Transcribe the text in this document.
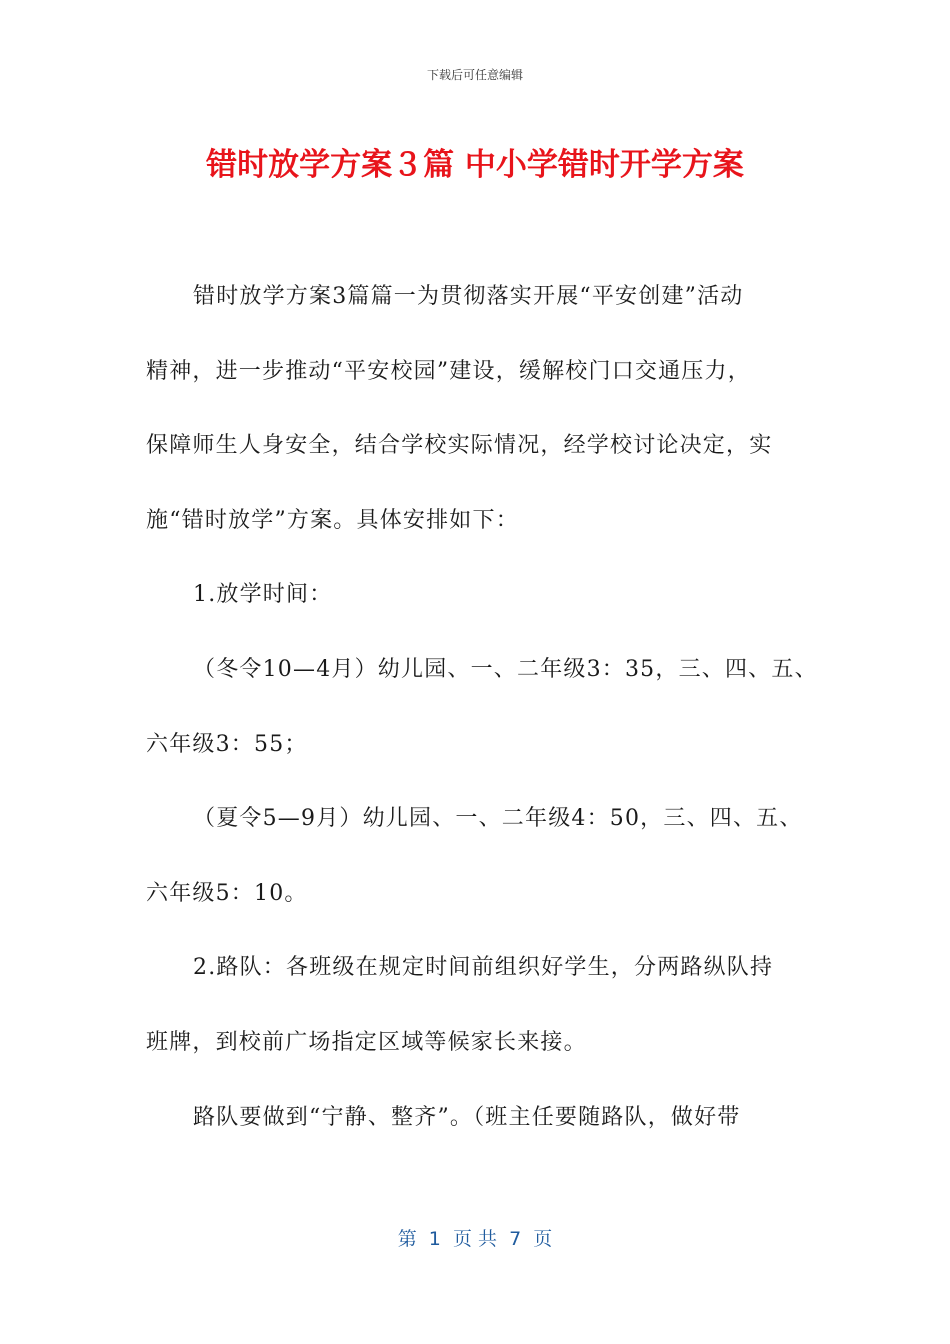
下载后可任意编辑
错时放学方案３篇 中小学错时开学方案
错时放学方案3篇篇一为贯彻落实开展“平安创建”活动
精神，进一步推动“平安校园”建设，缓解校门口交通压力，
保障师生人身安全，结合学校实际情况，经学校讨论决定，实
施“错时放学”方案。具体安排如下：
1.放学时间：
（冬令10—4月）幼儿园、一、二年级3：35，三、四、五、
六年级3：55；
（夏令5—9月）幼儿园、一、二年级4：50，三、四、五、
六年级5：10。
2.路队：各班级在规定时间前组织好学生，分两路纵队持
班牌，到校前广场指定区域等候家长来接。
路队要做到“宁静、整齐”。（班主任要随路队，做好带
第  1  页 共  7  页
